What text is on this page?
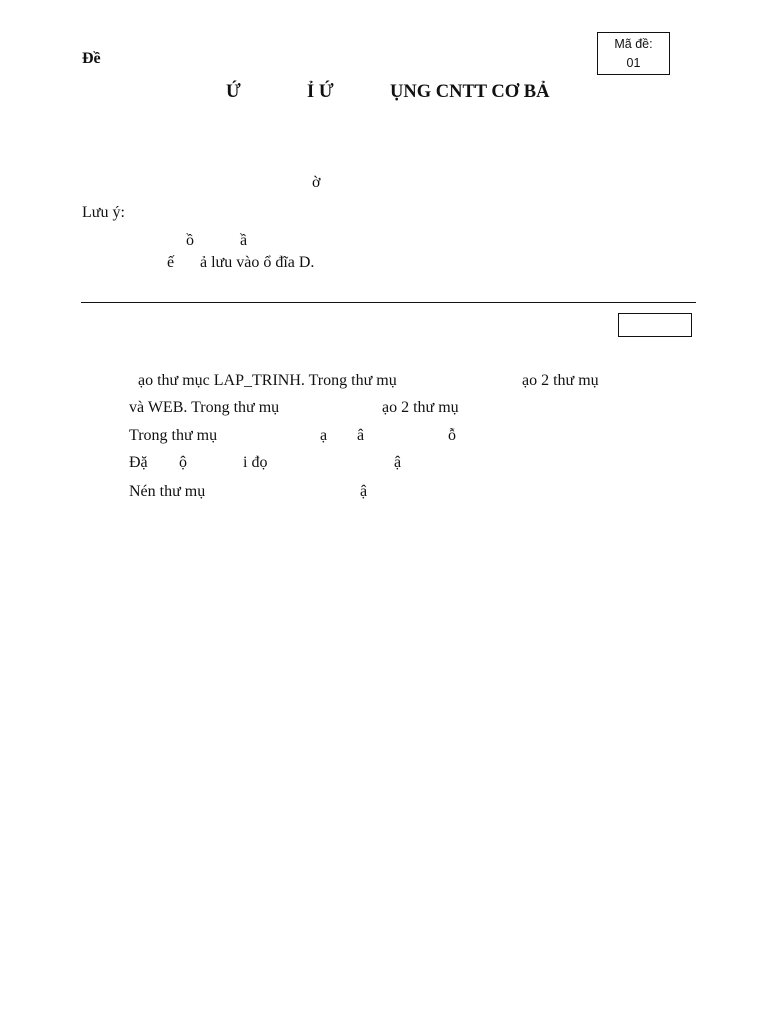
Mã đề:
01
Đề
Ứ	Ỉ Ứ	ỤNG CNTT CƠ BẢ
ờ
Lưu ý:
ồ	ầ
ế ả lưu vào ổ đĩa D.
ạo thư mục LAP_TRINH. Trong thư mụ	ạo 2 thư mụ
và WEB. Trong thư mụ	ạo 2 thư mụ
Trong thư mụ	ạ â	ỗ
Đặ ộ	i đọ	ậ
Nén thư mụ	ậ
